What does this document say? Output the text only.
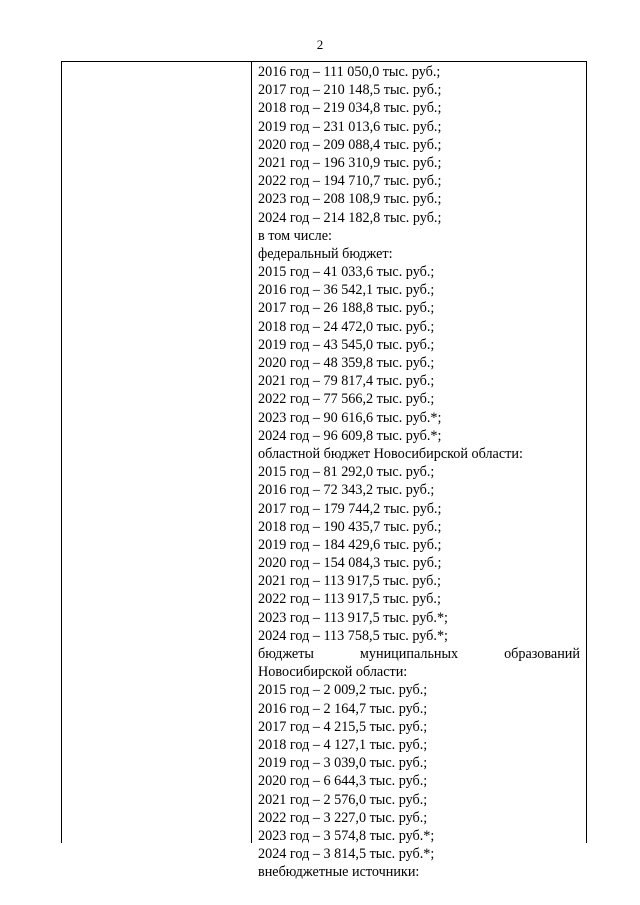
2
2016 год – 111 050,0 тыс. руб.;
2017 год – 210 148,5 тыс. руб.;
2018 год – 219 034,8 тыс. руб.;
2019 год – 231 013,6 тыс. руб.;
2020 год – 209 088,4 тыс. руб.;
2021 год – 196 310,9 тыс. руб.;
2022 год – 194 710,7 тыс. руб.;
2023 год – 208 108,9 тыс. руб.;
2024 год – 214 182,8 тыс. руб.;
в том числе:
федеральный бюджет:
2015 год – 41 033,6 тыс. руб.;
2016 год – 36 542,1 тыс. руб.;
2017 год – 26 188,8 тыс. руб.;
2018 год – 24 472,0 тыс. руб.;
2019 год – 43 545,0 тыс. руб.;
2020 год – 48 359,8 тыс. руб.;
2021 год – 79 817,4 тыс. руб.;
2022 год – 77 566,2 тыс. руб.;
2023 год – 90 616,6 тыс. руб.*;
2024 год – 96 609,8 тыс. руб.*;
областной бюджет Новосибирской области:
2015 год – 81 292,0 тыс. руб.;
2016 год – 72 343,2 тыс. руб.;
2017 год – 179 744,2 тыс. руб.;
2018 год – 190 435,7 тыс. руб.;
2019 год – 184 429,6 тыс. руб.;
2020 год – 154 084,3 тыс. руб.;
2021 год – 113 917,5 тыс. руб.;
2022 год – 113 917,5 тыс. руб.;
2023 год – 113 917,5 тыс. руб.*;
2024 год – 113 758,5 тыс. руб.*;
бюджеты	муниципальных	образований
Новосибирской области:
2015 год – 2 009,2 тыс. руб.;
2016 год – 2 164,7 тыс. руб.;
2017 год – 4 215,5 тыс. руб.;
2018 год – 4 127,1 тыс. руб.;
2019 год – 3 039,0 тыс. руб.;
2020 год – 6 644,3 тыс. руб.;
2021 год – 2 576,0 тыс. руб.;
2022 год – 3 227,0 тыс. руб.;
2023 год – 3 574,8 тыс. руб.*;
2024 год – 3 814,5 тыс. руб.*;
внебюджетные источники:
